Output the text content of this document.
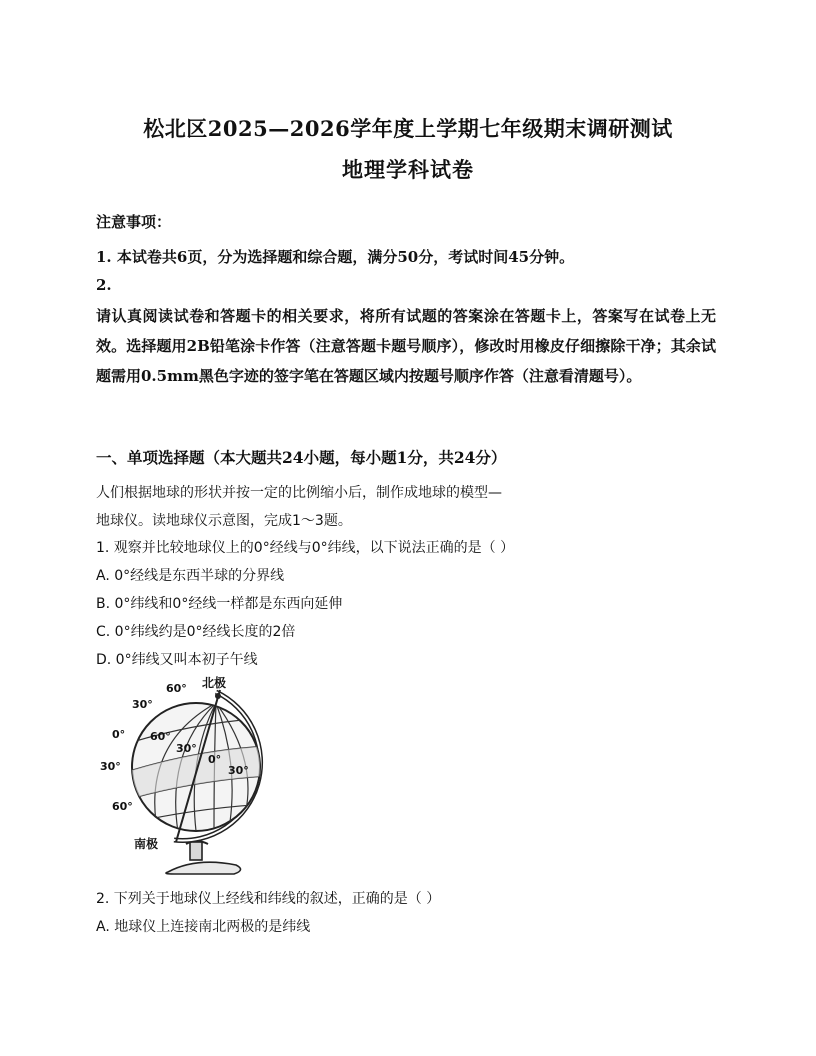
松北区2025—2026学年度上学期七年级期末调研测试
地理学科试卷
注意事项：
1. 本试卷共6页，分为选择题和综合题，满分50分，考试时间45分钟。
2.
请认真阅读试卷和答题卡的相关要求，将所有试题的答案涂在答题卡上，答案写在试卷上无效。选择题用2B铅笔涂卡作答（注意答题卡题号顺序），修改时用橡皮仔细擦除干净；其余试题需用0.5mm黑色字迹的签字笔在答题区域内按题号顺序作答（注意看清题号）。
一、单项选择题（本大题共24小题，每小题1分，共24分）
人们根据地球的形状并按一定的比例缩小后，制作成地球的模型—
地球仪。读地球仪示意图，完成1～3题。
1. 观察并比较地球仪上的0°经线与0°纬线，以下说法正确的是（ ）
A. 0°经线是东西半球的分界线
B. 0°纬线和0°经线一样都是东西向延伸
C. 0°纬线约是0°经线长度的2倍
D. 0°纬线又叫本初子午线
北极
60°
30°
60°
0°
30°
0°
30°	30°
60°
南极
2. 下列关于地球仪上经线和纬线的叙述，正确的是（ ）
A. 地球仪上连接南北两极的是纬线
